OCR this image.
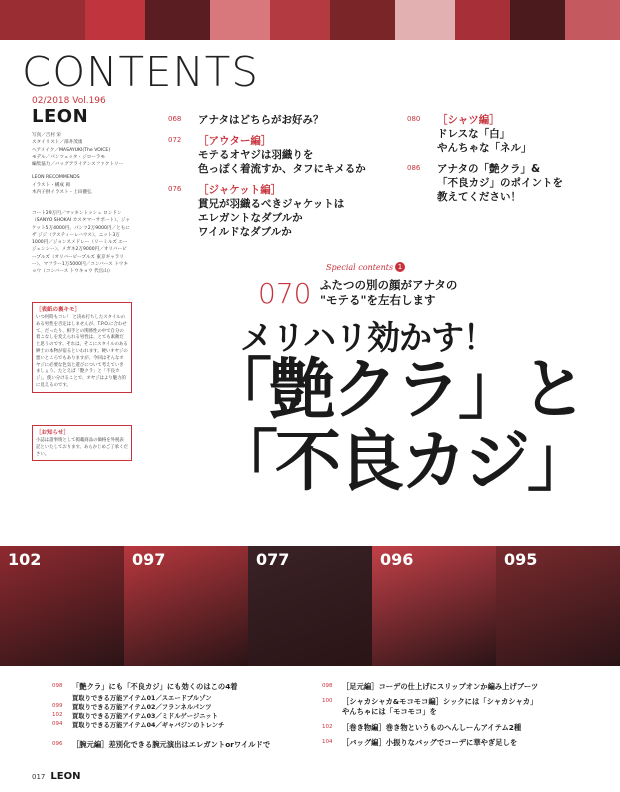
CONTENTS
02/2018 Vol.196
LEON
写真／吉村 栄
スタイリスト／部井茂康
ヘアメイク／MASAYUKI(The VOICE)
モデル／パンツェッタ・ジローラモ
編集協力／バッグアライアンスファクトリー
LEON RECOMMENDS
イラスト・構成 岡
木内子供イラスト・上田優弘
コート29万円／マッキントッシュ ロンドン（SANYO SHOKAI カスタマーサポート）、ジャケット5万4000円、パンツ2万9000円／ともにザ ジジ（アスティーレハウス）、ニット3万1000円／ジョンスメドレー（リーミルズ エージェンシー）、メガネ2万9000円／オリバーピープルズ（オリバーピープルズ 東京ギャラリー）、マフラー1万5000円／コンバース トウキョウ（コンバース トウキョウ 代官山）
［表紙の裏キモ］
いつ何時もコレ！ と決め打ちしたスタイルのある男性を否定はしませんが、T.P.O.に合わせて、だったり、相手との関係性の中で自分の着こなしを変えられる男性は、とても素敵だと思うのです。それは、そこにスタイルのある紳士の本物が宿るといわれます。硬いオヤジの悪いところでもありますが、今回はそんなオヤジに必要な色気と遊びについて考えていきましょう。たとえば「艶クラ」と「不良カジ」。使い分けることで、オヤジはより魅力的に見えるのです。
［お知らせ］
小誌は諸事情として掲載商品の価格を外税表記といたしております。あらかじめご了承ください。
068	アナタはどちらがお好み？
072	［アウター編］
モテるオヤジは羽織りを
色っぽく着流すか、タフにキメるか
076	［ジャケット編］
貫兄が羽織るべきジャケットは
エレガントなダブルか
ワイルドなダブルか
080	［シャツ編］
ドレスな「白」
やんちゃな「ネル」
086	アナタの「艶クラ」&
「不良カジ」のポイントを
教えてください！
Special contents 1
070 ふたつの別の顔がアナタの
"モテる"を左右します
メリハリ効かす！
「艶クラ」と
「不良カジ」
102	097	077	096	095
098	「艶クラ」にも「不良カジ」にも効くのはこの4着
買取りできる万能アイテム01／スエードブルゾン
099	買取りできる万能アイテム02／フランネルパンツ
102	買取りできる万能アイテム03／ミドルゲージニット
094	買取りできる万能アイテム04／ギャバジンのトレンチ
096	［腕元編］差別化できる腕元演出はエレガントorワイルドで
098	［足元編］コーデの仕上げにスリップオンか編み上げブーツ
100	［シャカシャカ&モコモコ編］シックには「シャカシャカ」
やんちゃには「モコモコ」を
102	［巻き物編］巻き物というものへんしーんアイテム2種
104	［バッグ編］小振りなバッグでコーデに華やぎ足しを
017 LEON
